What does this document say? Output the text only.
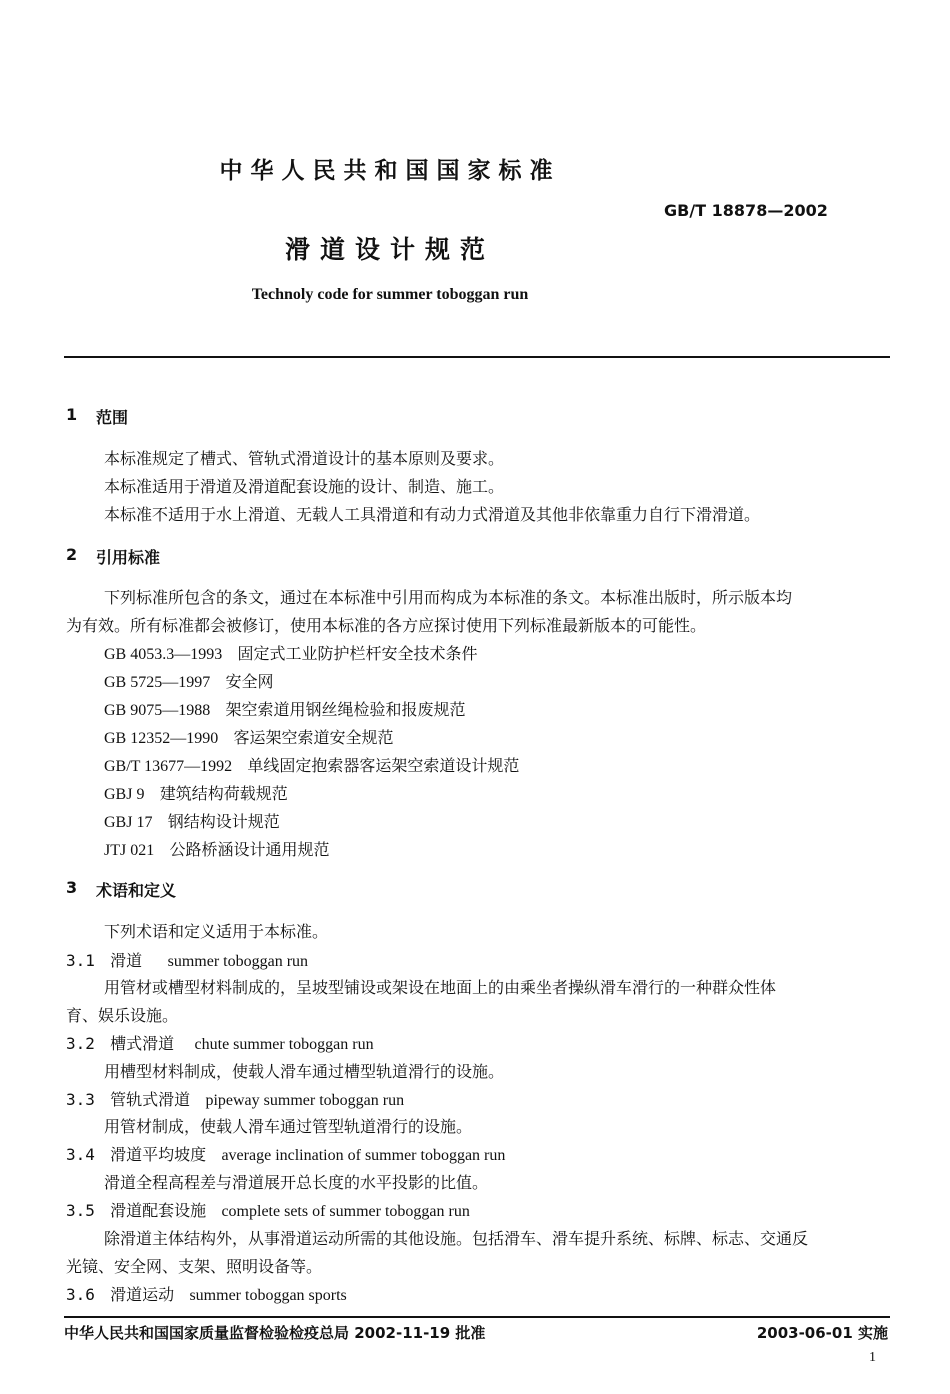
中华人民共和国国家标准
GB/T 18878—2002
滑道设计规范
Technoly code for summer toboggan run
1 范围
本标准规定了槽式、管轨式滑道设计的基本原则及要求。
本标准适用于滑道及滑道配套设施的设计、制造、施工。
本标准不适用于水上滑道、无载人工具滑道和有动力式滑道及其他非依靠重力自行下滑滑道。
2 引用标准
下列标准所包含的条文，通过在本标准中引用而构成为本标准的条文。本标准出版时，所示版本均
为有效。所有标准都会被修订，使用本标准的各方应探讨使用下列标准最新版本的可能性。
GB 4053.3—1993 固定式工业防护栏杆安全技术条件
GB 5725—1997 安全网
GB 9075—1988 架空索道用钢丝绳检验和报废规范
GB 12352—1990 客运架空索道安全规范
GB/T 13677—1992 单线固定抱索器客运架空索道设计规范
GBJ 9 建筑结构荷载规范
GBJ 17 钢结构设计规范
JTJ 021 公路桥涵设计通用规范
3 术语和定义
下列术语和定义适用于本标准。
3.1 滑道 summer toboggan run
用管材或槽型材料制成的，呈坡型铺设或架设在地面上的由乘坐者操纵滑车滑行的一种群众性体
育、娱乐设施。
3.2 槽式滑道 chute summer toboggan run
用槽型材料制成，使载人滑车通过槽型轨道滑行的设施。
3.3 管轨式滑道 pipeway summer toboggan run
用管材制成，使载人滑车通过管型轨道滑行的设施。
3.4 滑道平均坡度 average inclination of summer toboggan run
滑道全程高程差与滑道展开总长度的水平投影的比值。
3.5 滑道配套设施 complete sets of summer toboggan run
除滑道主体结构外，从事滑道运动所需的其他设施。包括滑车、滑车提升系统、标牌、标志、交通反
光镜、安全网、支架、照明设备等。
3.6 滑道运动 summer toboggan sports
中华人民共和国国家质量监督检验检疫总局 2002-11-19 批准	2003-06-01 实施
1
